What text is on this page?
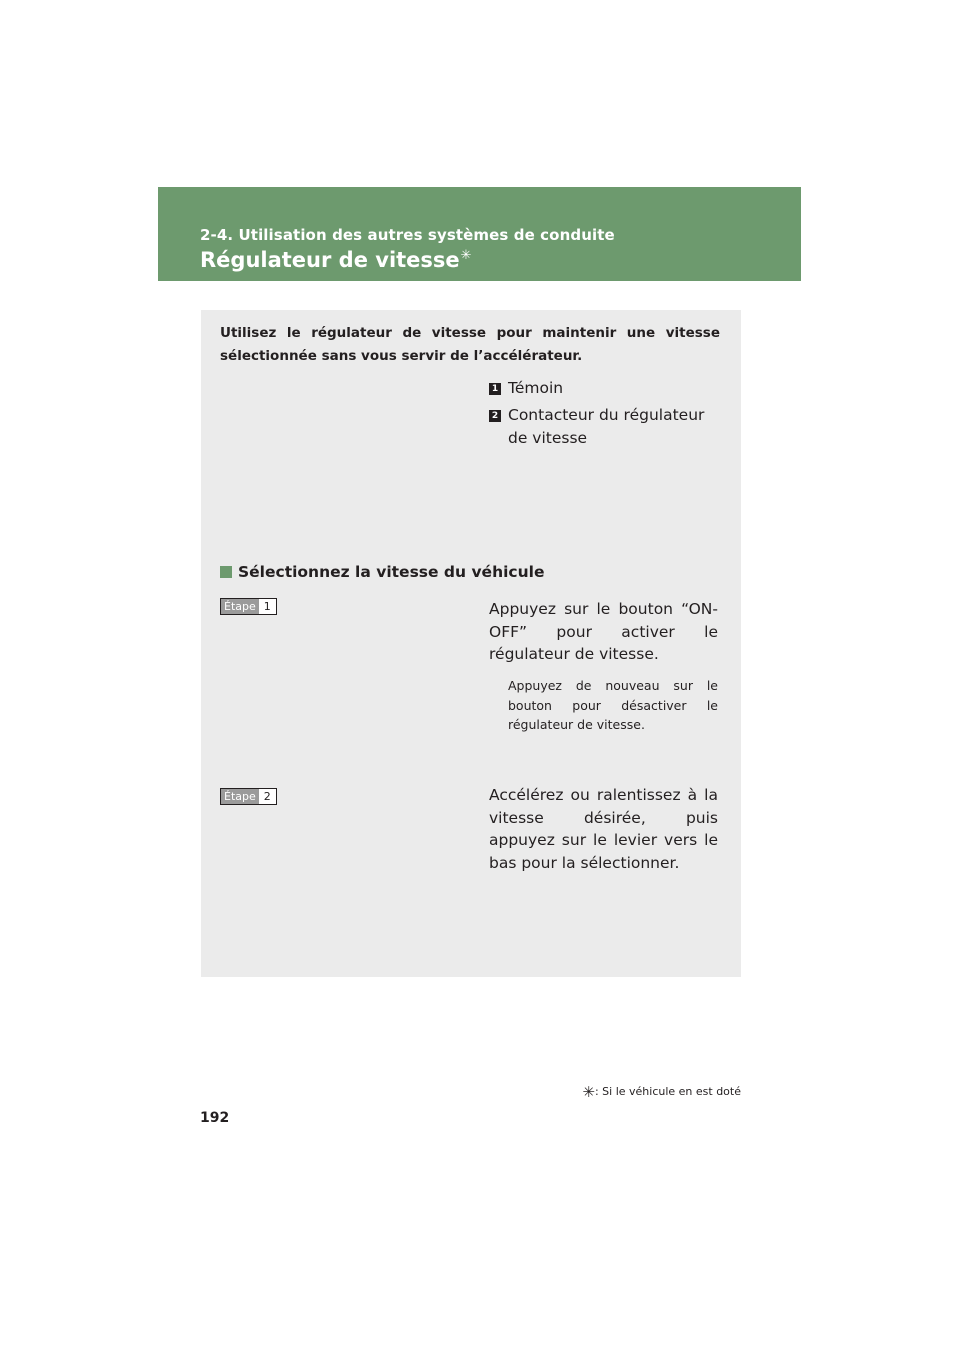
2-4. Utilisation des autres systèmes de conduite
Régulateur de vitesse✳
Utilisez le régulateur de vitesse pour maintenir une vitesse sélectionnée sans vous servir de l’accélérateur.
1 Témoin
2 Contacteur du régulateur de vitesse
Sélectionnez la vitesse du véhicule
Étape 1	Appuyez sur le bouton “ON-OFF” pour activer le régulateur de vitesse.
Appuyez de nouveau sur le bouton pour désactiver le régulateur de vitesse.
Étape 2	Accélérez ou ralentissez à la vitesse désirée, puis appuyez sur le levier vers le bas pour la sélectionner.
✳: Si le véhicule en est doté
192
